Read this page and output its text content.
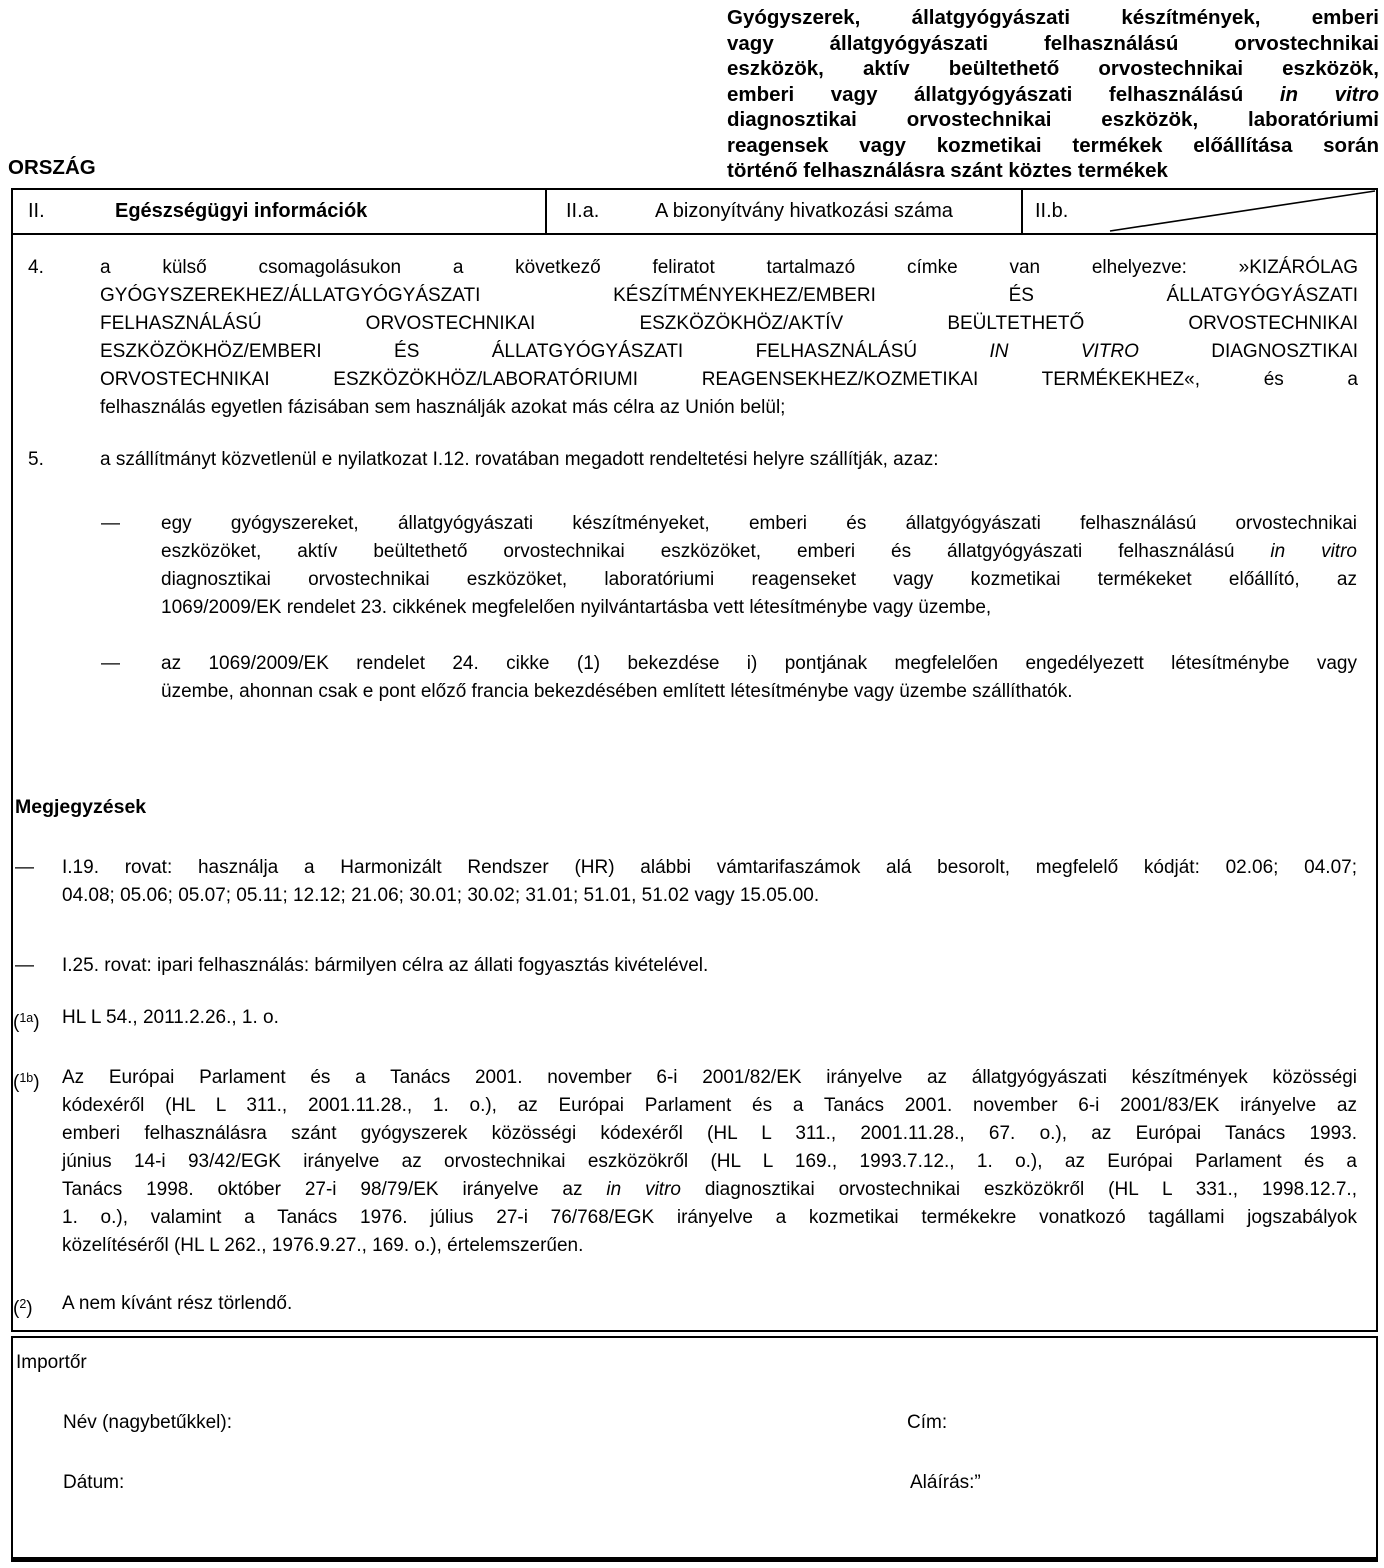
ORSZÁG
Gyógyszerek, állatgyógyászati készítmények, emberi
vagy állatgyógyászati felhasználású orvostechnikai
eszközök, aktív beültethető orvostechnikai eszközök,
emberi vagy állatgyógyászati felhasználású in vitro
diagnosztikai orvostechnikai eszközök, laboratóriumi
reagensek vagy kozmetikai termékek előállítása során
történő felhasználásra szánt köztes termékek
II.	Egészségügyi információk	II.a.	A bizonyítvány hivatkozási száma	II.b.
4.	a külső csomagolásukon a következő feliratot tartalmazó címke van elhelyezve: »KIZÁRÓLAG
GYÓGYSZEREKHEZ/ÁLLATGYÓGYÁSZATI KÉSZÍTMÉNYEKHEZ/EMBERI ÉS ÁLLATGYÓGYÁSZATI
FELHASZNÁLÁSÚ ORVOSTECHNIKAI ESZKÖZÖKHÖZ/AKTÍV BEÜLTETHETŐ ORVOSTECHNIKAI
ESZKÖZÖKHÖZ/EMBERI ÉS ÁLLATGYÓGYÁSZATI FELHASZNÁLÁSÚ IN VITRO DIAGNOSZTIKAI
ORVOSTECHNIKAI ESZKÖZÖKHÖZ/LABORATÓRIUMI REAGENSEKHEZ/KOZMETIKAI TERMÉKEKHEZ«, és a
felhasználás egyetlen fázisában sem használják azokat más célra az Unión belül;
5.	a szállítmányt közvetlenül e nyilatkozat I.12. rovatában megadott rendeltetési helyre szállítják, azaz:
— egy gyógyszereket, állatgyógyászati készítményeket, emberi és állatgyógyászati felhasználású orvostechnikai
eszközöket, aktív beültethető orvostechnikai eszközöket, emberi és állatgyógyászati felhasználású in vitro
diagnosztikai orvostechnikai eszközöket, laboratóriumi reagenseket vagy kozmetikai termékeket előállító, az
1069/2009/EK rendelet 23. cikkének megfelelően nyilvántartásba vett létesítménybe vagy üzembe,
— az 1069/2009/EK rendelet 24. cikke (1) bekezdése i) pontjának megfelelően engedélyezett létesítménybe vagy
üzembe, ahonnan csak e pont előző francia bekezdésében említett létesítménybe vagy üzembe szállíthatók.
Megjegyzések
— I.19. rovat: használja a Harmonizált Rendszer (HR) alábbi vámtarifaszámok alá besorolt, megfelelő kódját: 02.06; 04.07;
04.08; 05.06; 05.07; 05.11; 12.12; 21.06; 30.01; 30.02; 31.01; 51.01, 51.02 vagy 15.05.00.
— I.25. rovat: ipari felhasználás: bármilyen célra az állati fogyasztás kivételével.
($^{1a}$) HL L 54., 2011.2.26., 1. o.
($^{1b}$) Az Európai Parlament és a Tanács 2001. november 6-i 2001/82/EK irányelve az állatgyógyászati készítmények közösségi
kódexéről (HL L 311., 2001.11.28., 1. o.), az Európai Parlament és a Tanács 2001. november 6-i 2001/83/EK irányelve az
emberi felhasználásra szánt gyógyszerek közösségi kódexéről (HL L 311., 2001.11.28., 67. o.), az Európai Tanács 1993.
június 14-i 93/42/EGK irányelve az orvostechnikai eszközökről (HL L 169., 1993.7.12., 1. o.), az Európai Parlament és a
Tanács 1998. október 27-i 98/79/EK irányelve az in vitro diagnosztikai orvostechnikai eszközökről (HL L 331., 1998.12.7.,
1. o.), valamint a Tanács 1976. július 27-i 76/768/EGK irányelve a kozmetikai termékekre vonatkozó tagállami jogszabályok
közelítéséről (HL L 262., 1976.9.27., 169. o.), értelemszerűen.
($^2$) A nem kívánt rész törlendő.
Importőr
Név (nagybetűkkel):	Cím:
Dátum:	Aláírás:”
